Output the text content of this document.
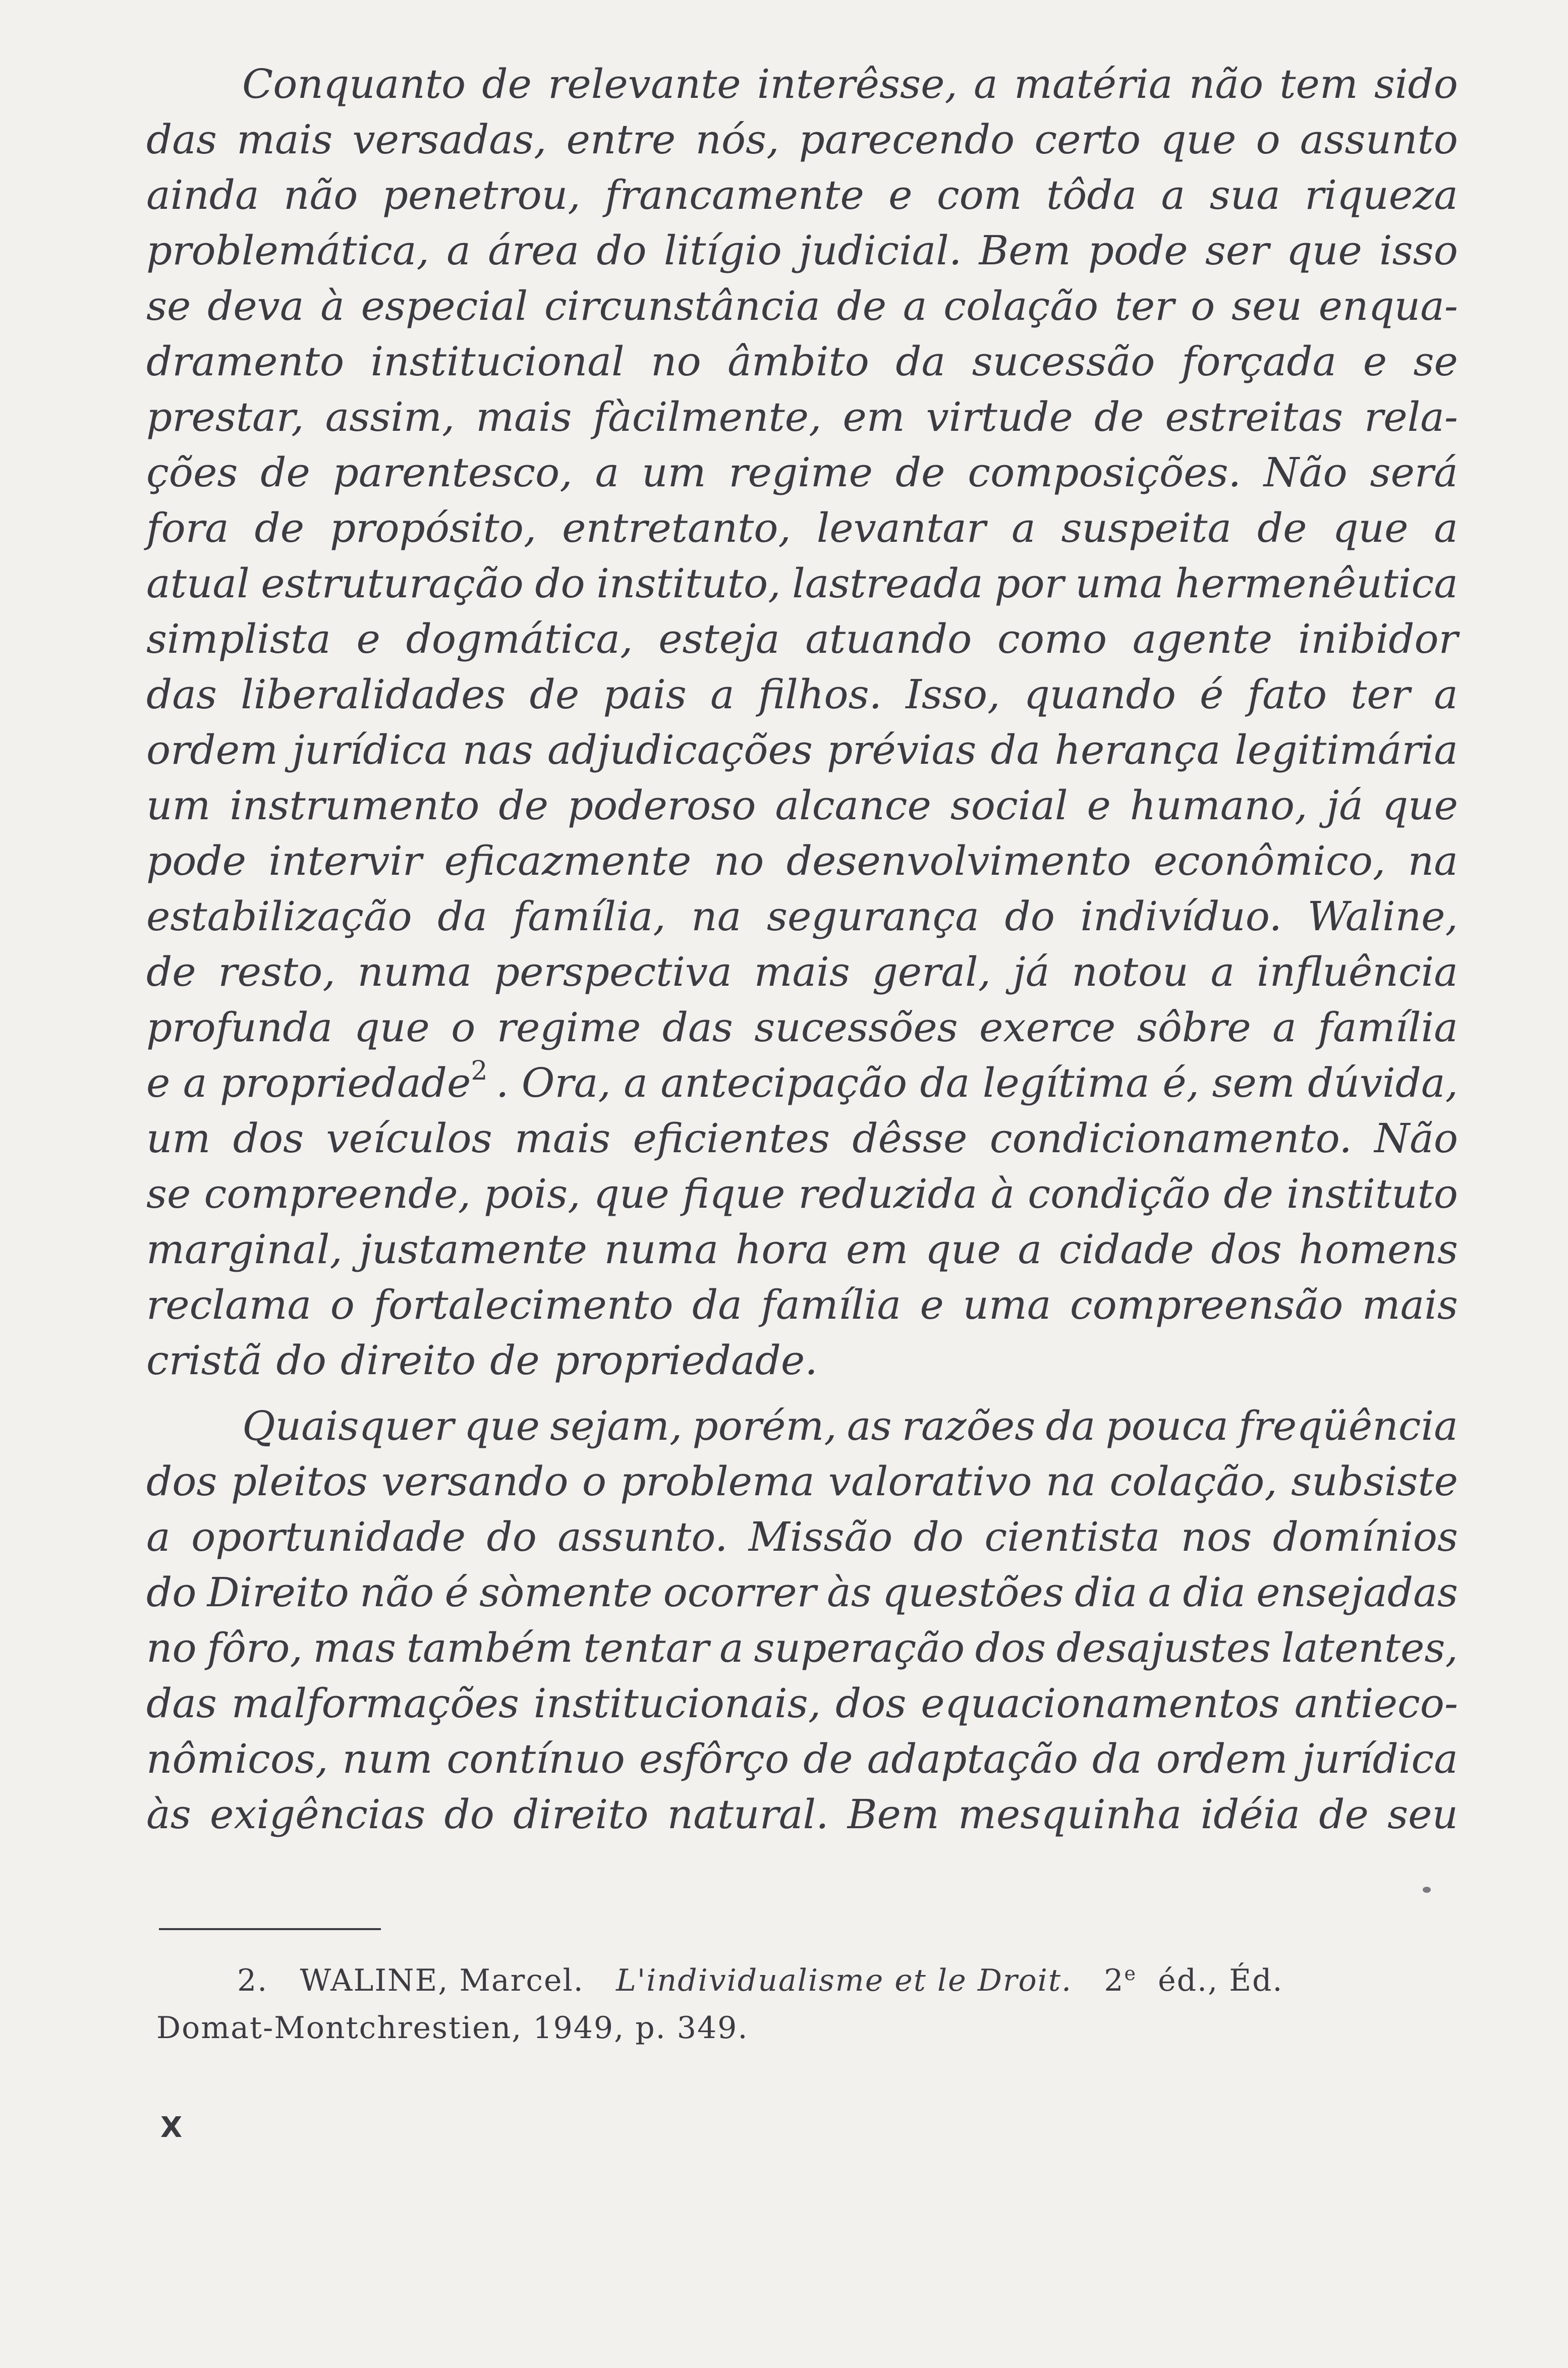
Conquanto de relevante interêsse, a matéria não tem sido
das mais versadas, entre nós, parecendo certo que o assunto
ainda não penetrou, francamente e com tôda a sua riqueza
problemática, a área do litígio judicial. Bem pode ser que isso
se deva à especial circunstância de a colação ter o seu enqua-
dramento institucional no âmbito da sucessão forçada e se
prestar, assim, mais fàcilmente, em virtude de estreitas rela-
ções de parentesco, a um regime de composições. Não será
fora de propósito, entretanto, levantar a suspeita de que a
atual estruturação do instituto, lastreada por uma hermenêutica
simplista e dogmática, esteja atuando como agente inibidor
das liberalidades de pais a filhos. Isso, quando é fato ter a
ordem jurídica nas adjudicações prévias da herança legitimária
um instrumento de poderoso alcance social e humano, já que
pode intervir eficazmente no desenvolvimento econômico, na
estabilização da família, na segurança do indivíduo. Waline,
de resto, numa perspectiva mais geral, já notou a influência
profunda que o regime das sucessões exerce sôbre a família
e a propriedade$^2$ . Ora, a antecipação da legítima é, sem dúvida,
um dos veículos mais eficientes dêsse condicionamento. Não
se compreende, pois, que fique reduzida à condição de instituto
marginal, justamente numa hora em que a cidade dos homens
reclama o fortalecimento da família e uma compreensão mais
cristã do direito de propriedade.
Quaisquer que sejam, porém, as razões da pouca freqüência
dos pleitos versando o problema valorativo na colação, subsiste
a oportunidade do assunto. Missão do cientista nos domínios
do Direito não é sòmente ocorrer às questões dia a dia ensejadas
no fôro, mas também tentar a superação dos desajustes latentes,
das malformações institucionais, dos equacionamentos antieco-
nômicos, num contínuo esfôrço de adaptação da ordem jurídica
às exigências do direito natural. Bem mesquinha idéia de seu
2. WALINE, Marcel. L'individualisme et le Droit. 2e éd., Éd.
Domat-Montchrestien, 1949, p. 349.
X
